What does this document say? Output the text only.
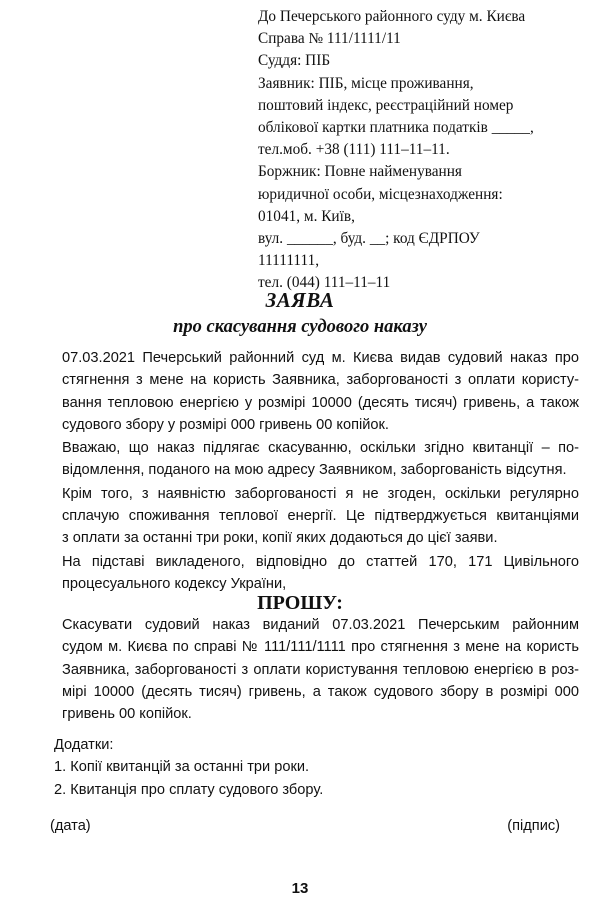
До Печерського районного суду м. Києва
Справа № 111/1111/11
Суддя: ПІБ
Заявник: ПІБ, місце проживання,
поштовий індекс, реєстраційний номер
облікової картки платника податків _____,
тел.моб. +38 (111) 111–11–11.
Боржник: Повне найменування
юридичної особи, місцезнаходження:
01041, м. Київ,
вул. ______, буд. __; код ЄДРПОУ
11111111,
тел. (044) 111–11–11
ЗАЯВА
про скасування судового наказу
07.03.2021 Печерський районний суд м. Києва видав судовий наказ про
стягнення з мене на користь Заявника, заборгованості з оплати користу-
вання тепловою енергією у розмірі 10000 (десять тисяч) гривень, а також
судового збору у розмірі 000 гривень 00 копійок.
Вважаю, що наказ підлягає скасуванню, оскільки згідно квитанції – по-
відомлення, поданого на мою адресу Заявником, заборгованість відсутня.
Крім того, з наявністю заборгованості я не згоден, оскільки регулярно
сплачую споживання теплової енергії. Це підтверджується квитанціями
з оплати за останні три роки, копії яких додаються до цієї заяви.
На підставі викладеного, відповідно до статтей 170, 171 Цивільного
процесуального кодексу України,
ПРОШУ:
Скасувати судовий наказ виданий 07.03.2021 Печерським районним
судом м. Києва по справі № 111/111/1111 про стягнення з мене на користь
Заявника, заборгованості з оплати користування тепловою енергією в роз-
мірі 10000 (десять тисяч) гривень, а також судового збору в розмірі 000
гривень 00 копійок.
Додатки:
1. Копії квитанцій за останні три роки.
2. Квитанція про сплату судового збору.
(дата)	(підпис)
13
